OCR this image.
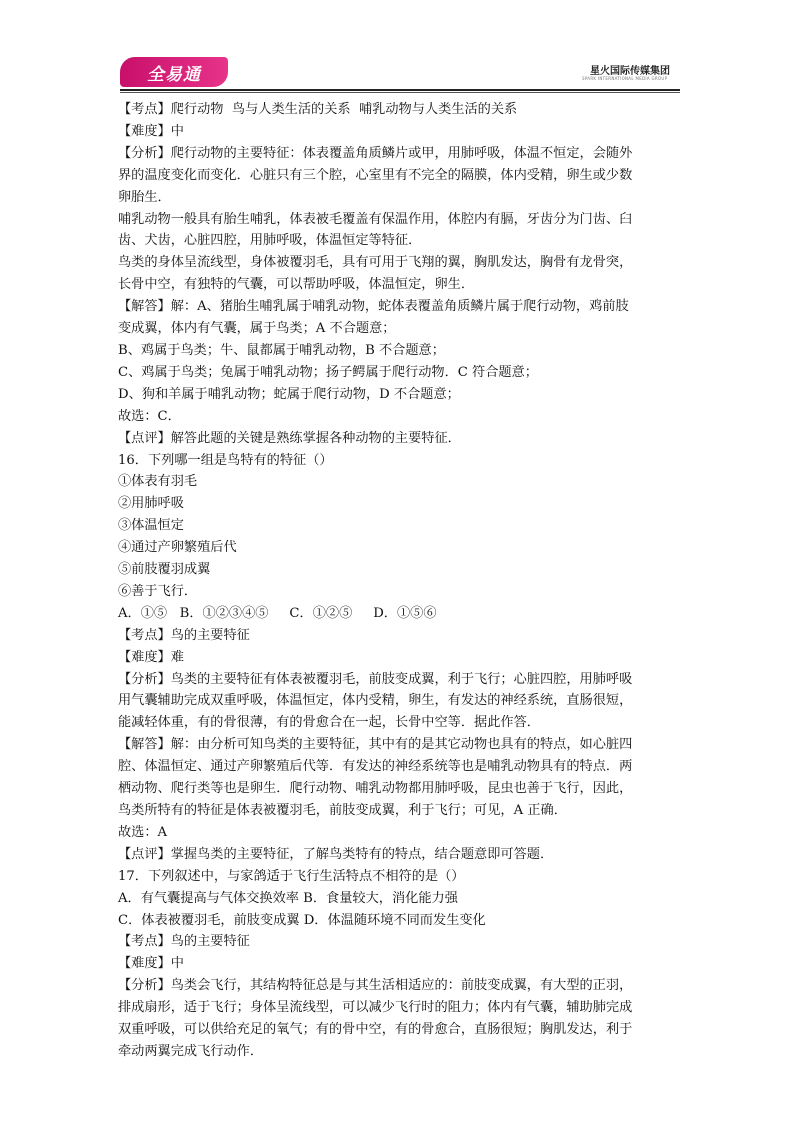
全易通	星火国际传媒集团
SPARK INTERNATIONAL MEDIA GROUP

【考点】爬行动物  鸟与人类生活的关系  哺乳动物与人类生活的关系

【难度】中

【分析】爬行动物的主要特征：体表覆盖角质鳞片或甲，用肺呼吸，体温不恒定，会随外

界的温度变化而变化．心脏只有三个腔，心室里有不完全的隔膜，体内受精，卵生或少数

卵胎生．

哺乳动物一般具有胎生哺乳，体表被毛覆盖有保温作用，体腔内有膈，牙齿分为门齿、臼

齿、犬齿，心脏四腔，用肺呼吸，体温恒定等特征．

鸟类的身体呈流线型，身体被覆羽毛，具有可用于飞翔的翼，胸肌发达，胸骨有龙骨突，

长骨中空，有独特的气囊，可以帮助呼吸，体温恒定，卵生．

【解答】解：A、猪胎生哺乳属于哺乳动物，蛇体表覆盖角质鳞片属于爬行动物，鸡前肢

变成翼，体内有气囊，属于鸟类；A 不合题意；

B、鸡属于鸟类；牛、鼠都属于哺乳动物，B 不合题意；

C、鸡属于鸟类；兔属于哺乳动物；扬子鳄属于爬行动物．C 符合题意；

D、狗和羊属于哺乳动物；蛇属于爬行动物，D 不合题意；

故选：C．

【点评】解答此题的关键是熟练掌握各种动物的主要特征．

16．下列哪一组是鸟特有的特征（）

①体表有羽毛

②用肺呼吸

③体温恒定

④通过产卵繁殖后代

⑤前肢覆羽成翼

⑥善于飞行．

A．①⑤   B．①②③④⑤     C．①②⑤     D．①⑤⑥

【考点】鸟的主要特征

【难度】难

【分析】鸟类的主要特征有体表被覆羽毛，前肢变成翼，利于飞行；心脏四腔，用肺呼吸

用气囊辅助完成双重呼吸，体温恒定，体内受精，卵生，有发达的神经系统，直肠很短，

能减轻体重，有的骨很薄，有的骨愈合在一起，长骨中空等．据此作答．

【解答】解：由分析可知鸟类的主要特征，其中有的是其它动物也具有的特点，如心脏四

腔、体温恒定、通过产卵繁殖后代等．有发达的神经系统等也是哺乳动物具有的特点．两

栖动物、爬行类等也是卵生．爬行动物、哺乳动物都用肺呼吸，昆虫也善于飞行，因此，

鸟类所特有的特征是体表被覆羽毛，前肢变成翼，利于飞行；可见，A 正确．

故选：A

【点评】掌握鸟类的主要特征，了解鸟类特有的特点，结合题意即可答题．

17．下列叙述中，与家鸽适于飞行生活特点不相符的是（）

A．有气囊提高与气体交换效率 B．食量较大，消化能力强

C．体表被覆羽毛，前肢变成翼 D．体温随环境不同而发生变化

【考点】鸟的主要特征

【难度】中

【分析】鸟类会飞行，其结构特征总是与其生活相适应的：前肢变成翼，有大型的正羽，

排成扇形，适于飞行；身体呈流线型，可以减少飞行时的阻力；体内有气囊，辅助肺完成

双重呼吸，可以供给充足的氧气；有的骨中空，有的骨愈合，直肠很短；胸肌发达，利于

牵动两翼完成飞行动作．
